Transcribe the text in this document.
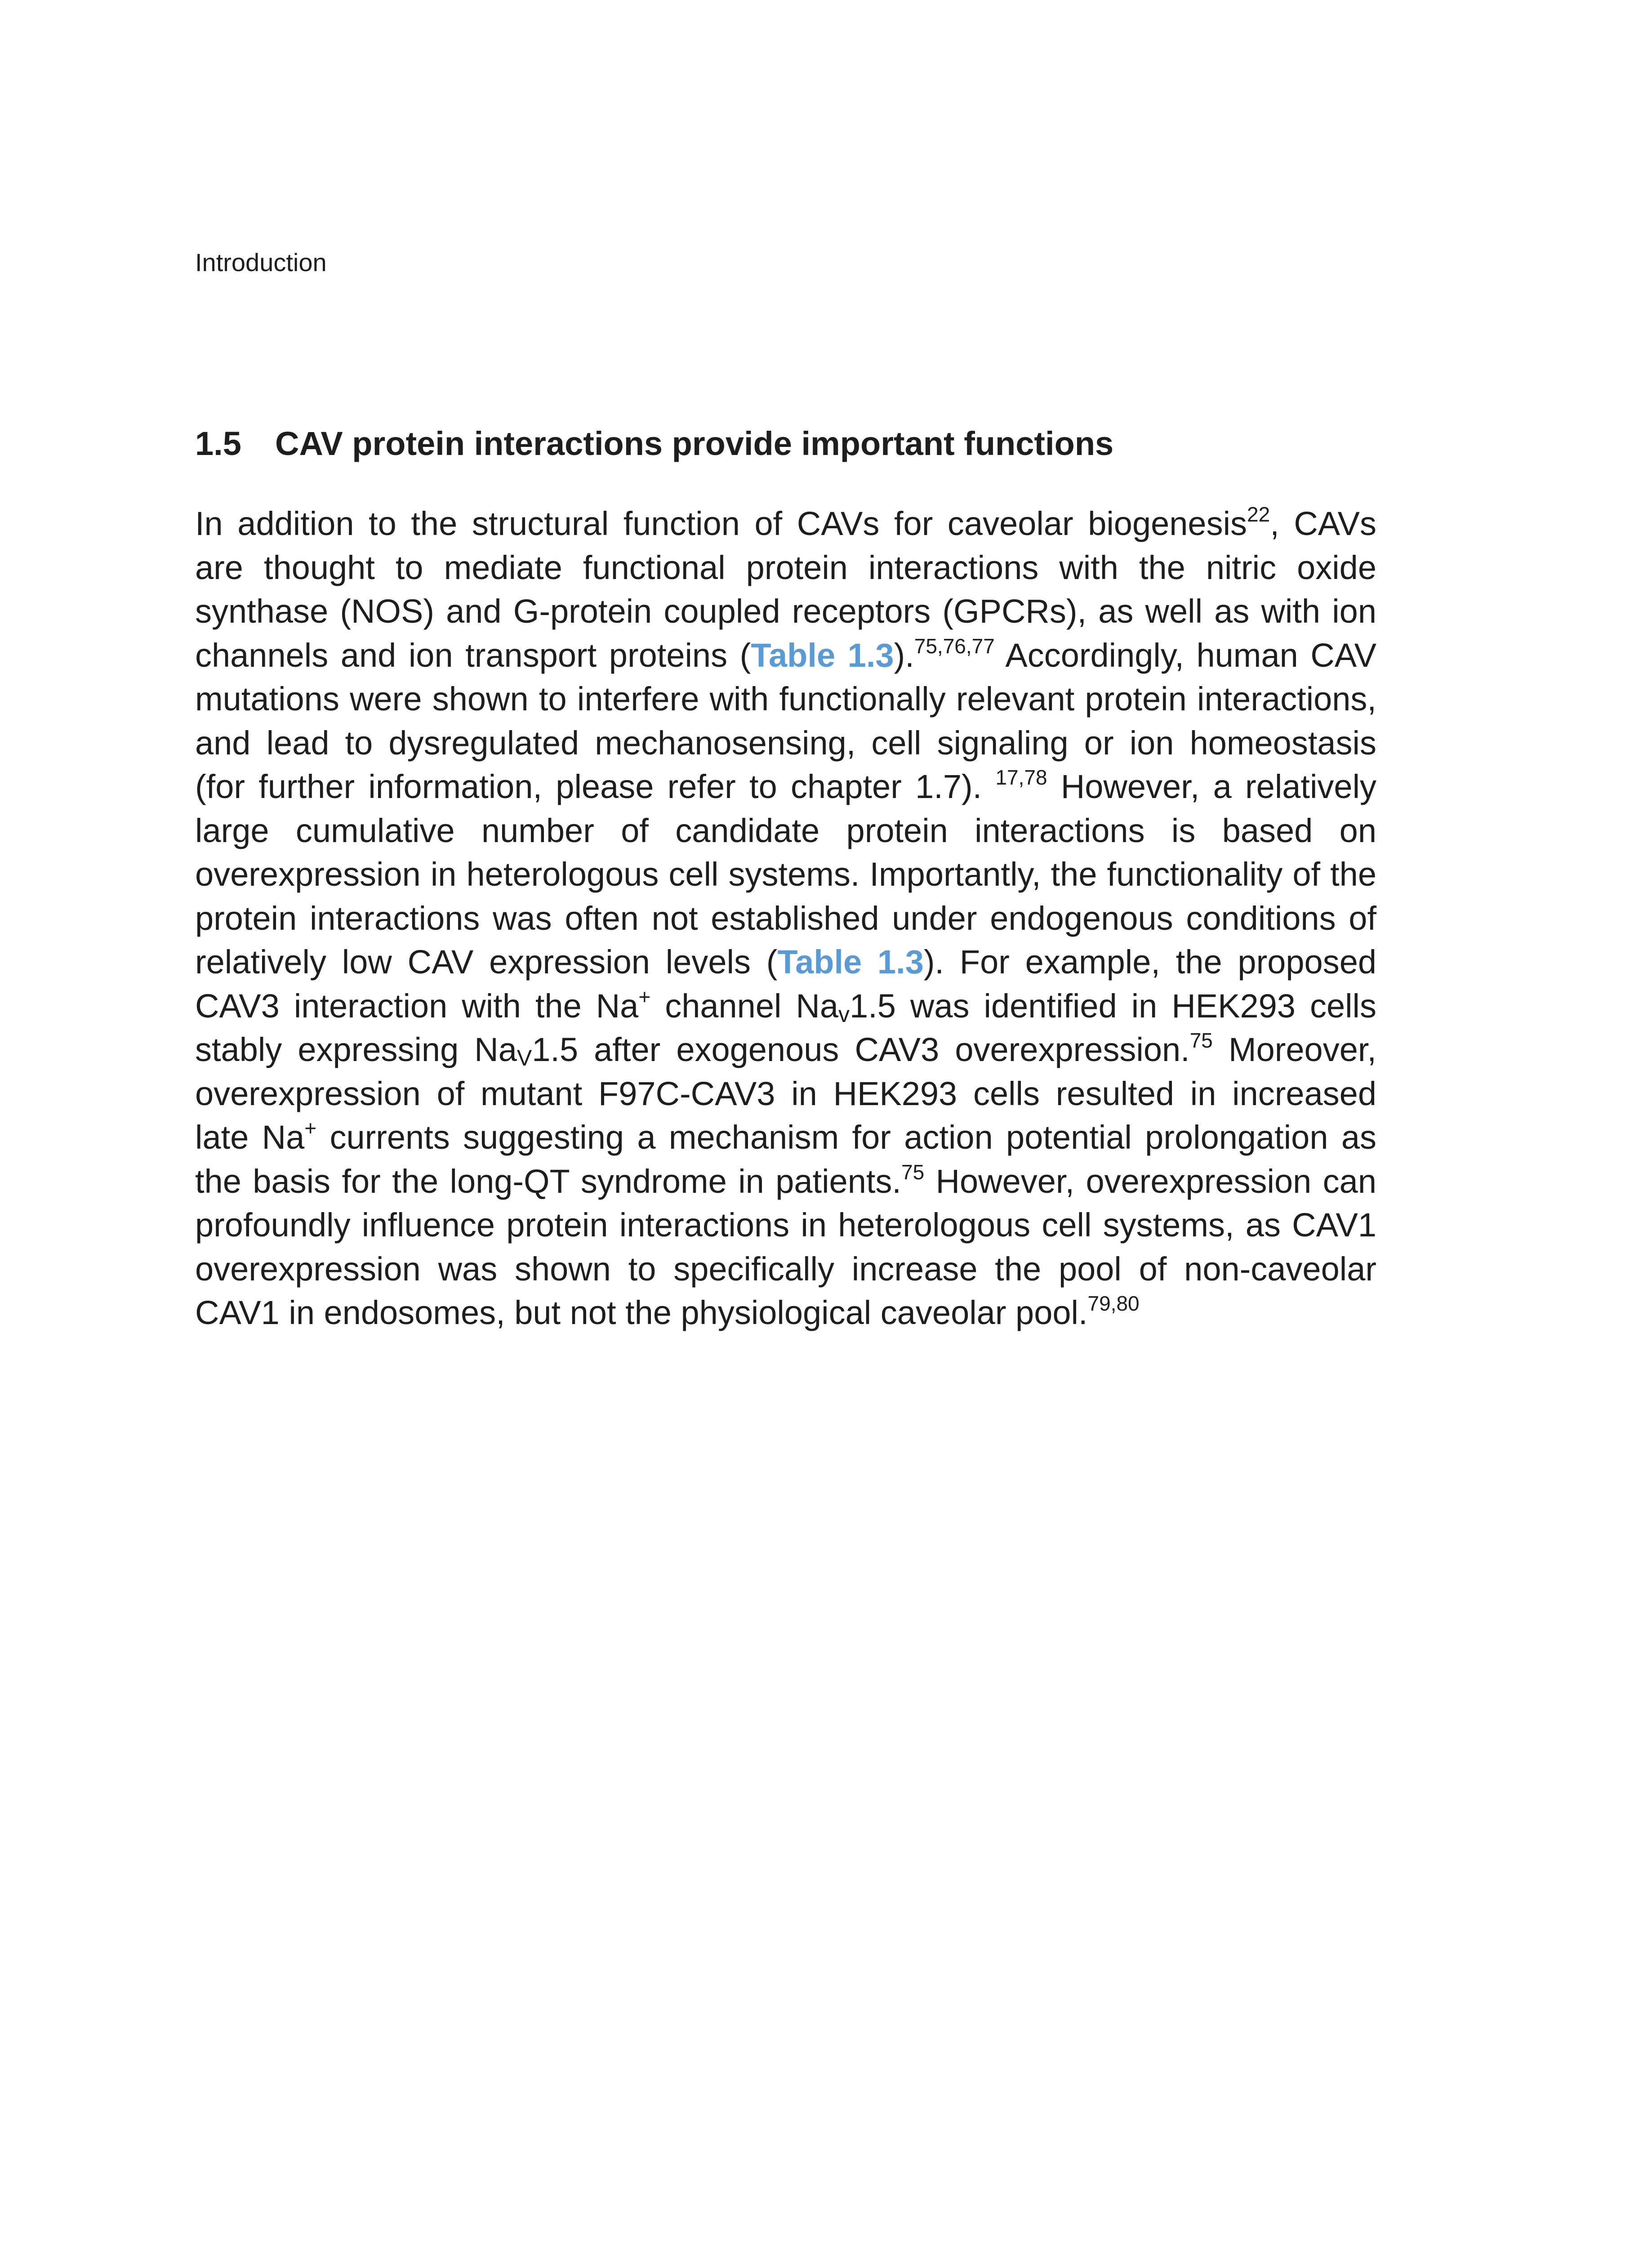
Introduction
1.5 CAV protein interactions provide important functions
In addition to the structural function of CAVs for caveolar biogenesis$^{22}$, CAVs
are thought to mediate functional protein interactions with the nitric oxide
synthase (NOS) and G-protein coupled receptors (GPCRs), as well as with ion
channels and ion transport proteins (Table 1.3).$^{75,76,77}$ Accordingly, human CAV
mutations were shown to interfere with functionally relevant protein interactions,
and lead to dysregulated mechanosensing, cell signaling or ion homeostasis
(for further information, please refer to chapter 1.7). $^{17,78}$ However, a relatively
large cumulative number of candidate protein interactions is based on
overexpression in heterologous cell systems. Importantly, the functionality of the
protein interactions was often not established under endogenous conditions of
relatively low CAV expression levels (Table 1.3). For example, the proposed
CAV3 interaction with the Na+ channel $Na_v1.5$ was identified in HEK293 cells
stably expressing $Na_V1.5$ after exogenous CAV3 overexpression.$^{75}$ Moreover,
overexpression of mutant F97C-CAV3 in HEK293 cells resulted in increased
late Na+ currents suggesting a mechanism for action potential prolongation as
the basis for the long-QT syndrome in patients.$^{75}$ However, overexpression can
profoundly influence protein interactions in heterologous cell systems, as CAV1
overexpression was shown to specifically increase the pool of non-caveolar
CAV1 in endosomes, but not the physiological caveolar pool.$^{79,80}$
